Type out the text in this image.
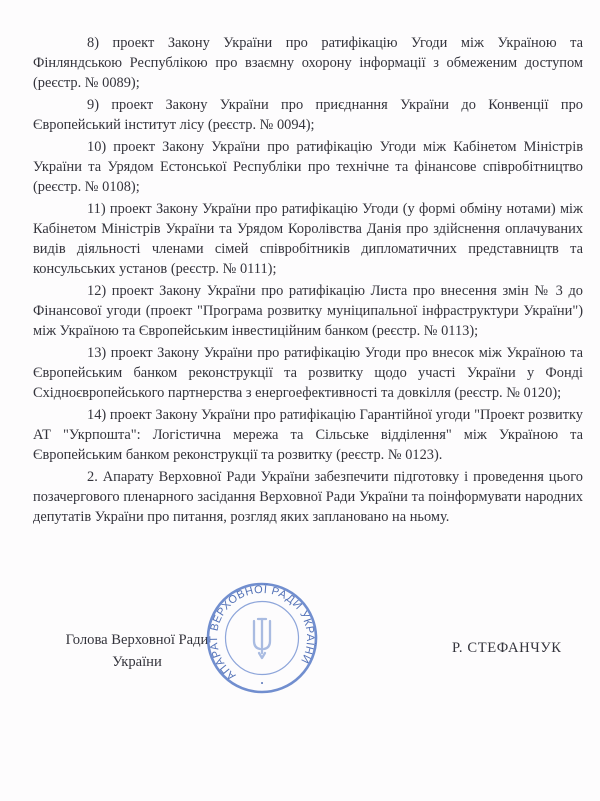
8) проект Закону України про ратифікацію Угоди між Україною та Фінляндською Республікою про взаємну охорону інформації з обмеженим доступом (реєстр. № 0089);

9) проект Закону України про приєднання України до Конвенції про Європейський інститут лісу (реєстр. № 0094);

10) проект Закону України про ратифікацію Угоди між Кабінетом Міністрів України та Урядом Естонської Республіки про технічне та фінансове співробітництво (реєстр. № 0108);

11) проект Закону України про ратифікацію Угоди (у формі обміну нотами) між Кабінетом Міністрів України та Урядом Королівства Данія про здійснення оплачуваних видів діяльності членами сімей співробітників дипломатичних представництв та консульських установ (реєстр. № 0111);

12) проект Закону України про ратифікацію Листа про внесення змін № 3 до Фінансової угоди (проект "Програма розвитку муніципальної інфраструктури України") між Україною та Європейським інвестиційним банком (реєстр. № 0113);

13) проект Закону України про ратифікацію Угоди про внесок між Україною та Європейським банком реконструкції та розвитку щодо участі України у Фонді Східноєвропейського партнерства з енергоефективності та довкілля (реєстр. № 0120);

14) проект Закону України про ратифікацію Гарантійної угоди "Проект розвитку АТ "Укрпошта": Логістична мережа та Сільське відділення" між Україною та Європейським банком реконструкції та розвитку (реєстр. № 0123).

2. Апарату Верховної Ради України забезпечити підготовку і проведення цього позачергового пленарного засідання Верховної Ради України та поінформувати народних депутатів України про питання, розгляд яких заплановано на ньому.

Голова Верховної Ради
України
Р. СТЕФАНЧУК
АПАРАТ ВЕРХОВНОЇ РАДИ УКРАЇНИ
•
